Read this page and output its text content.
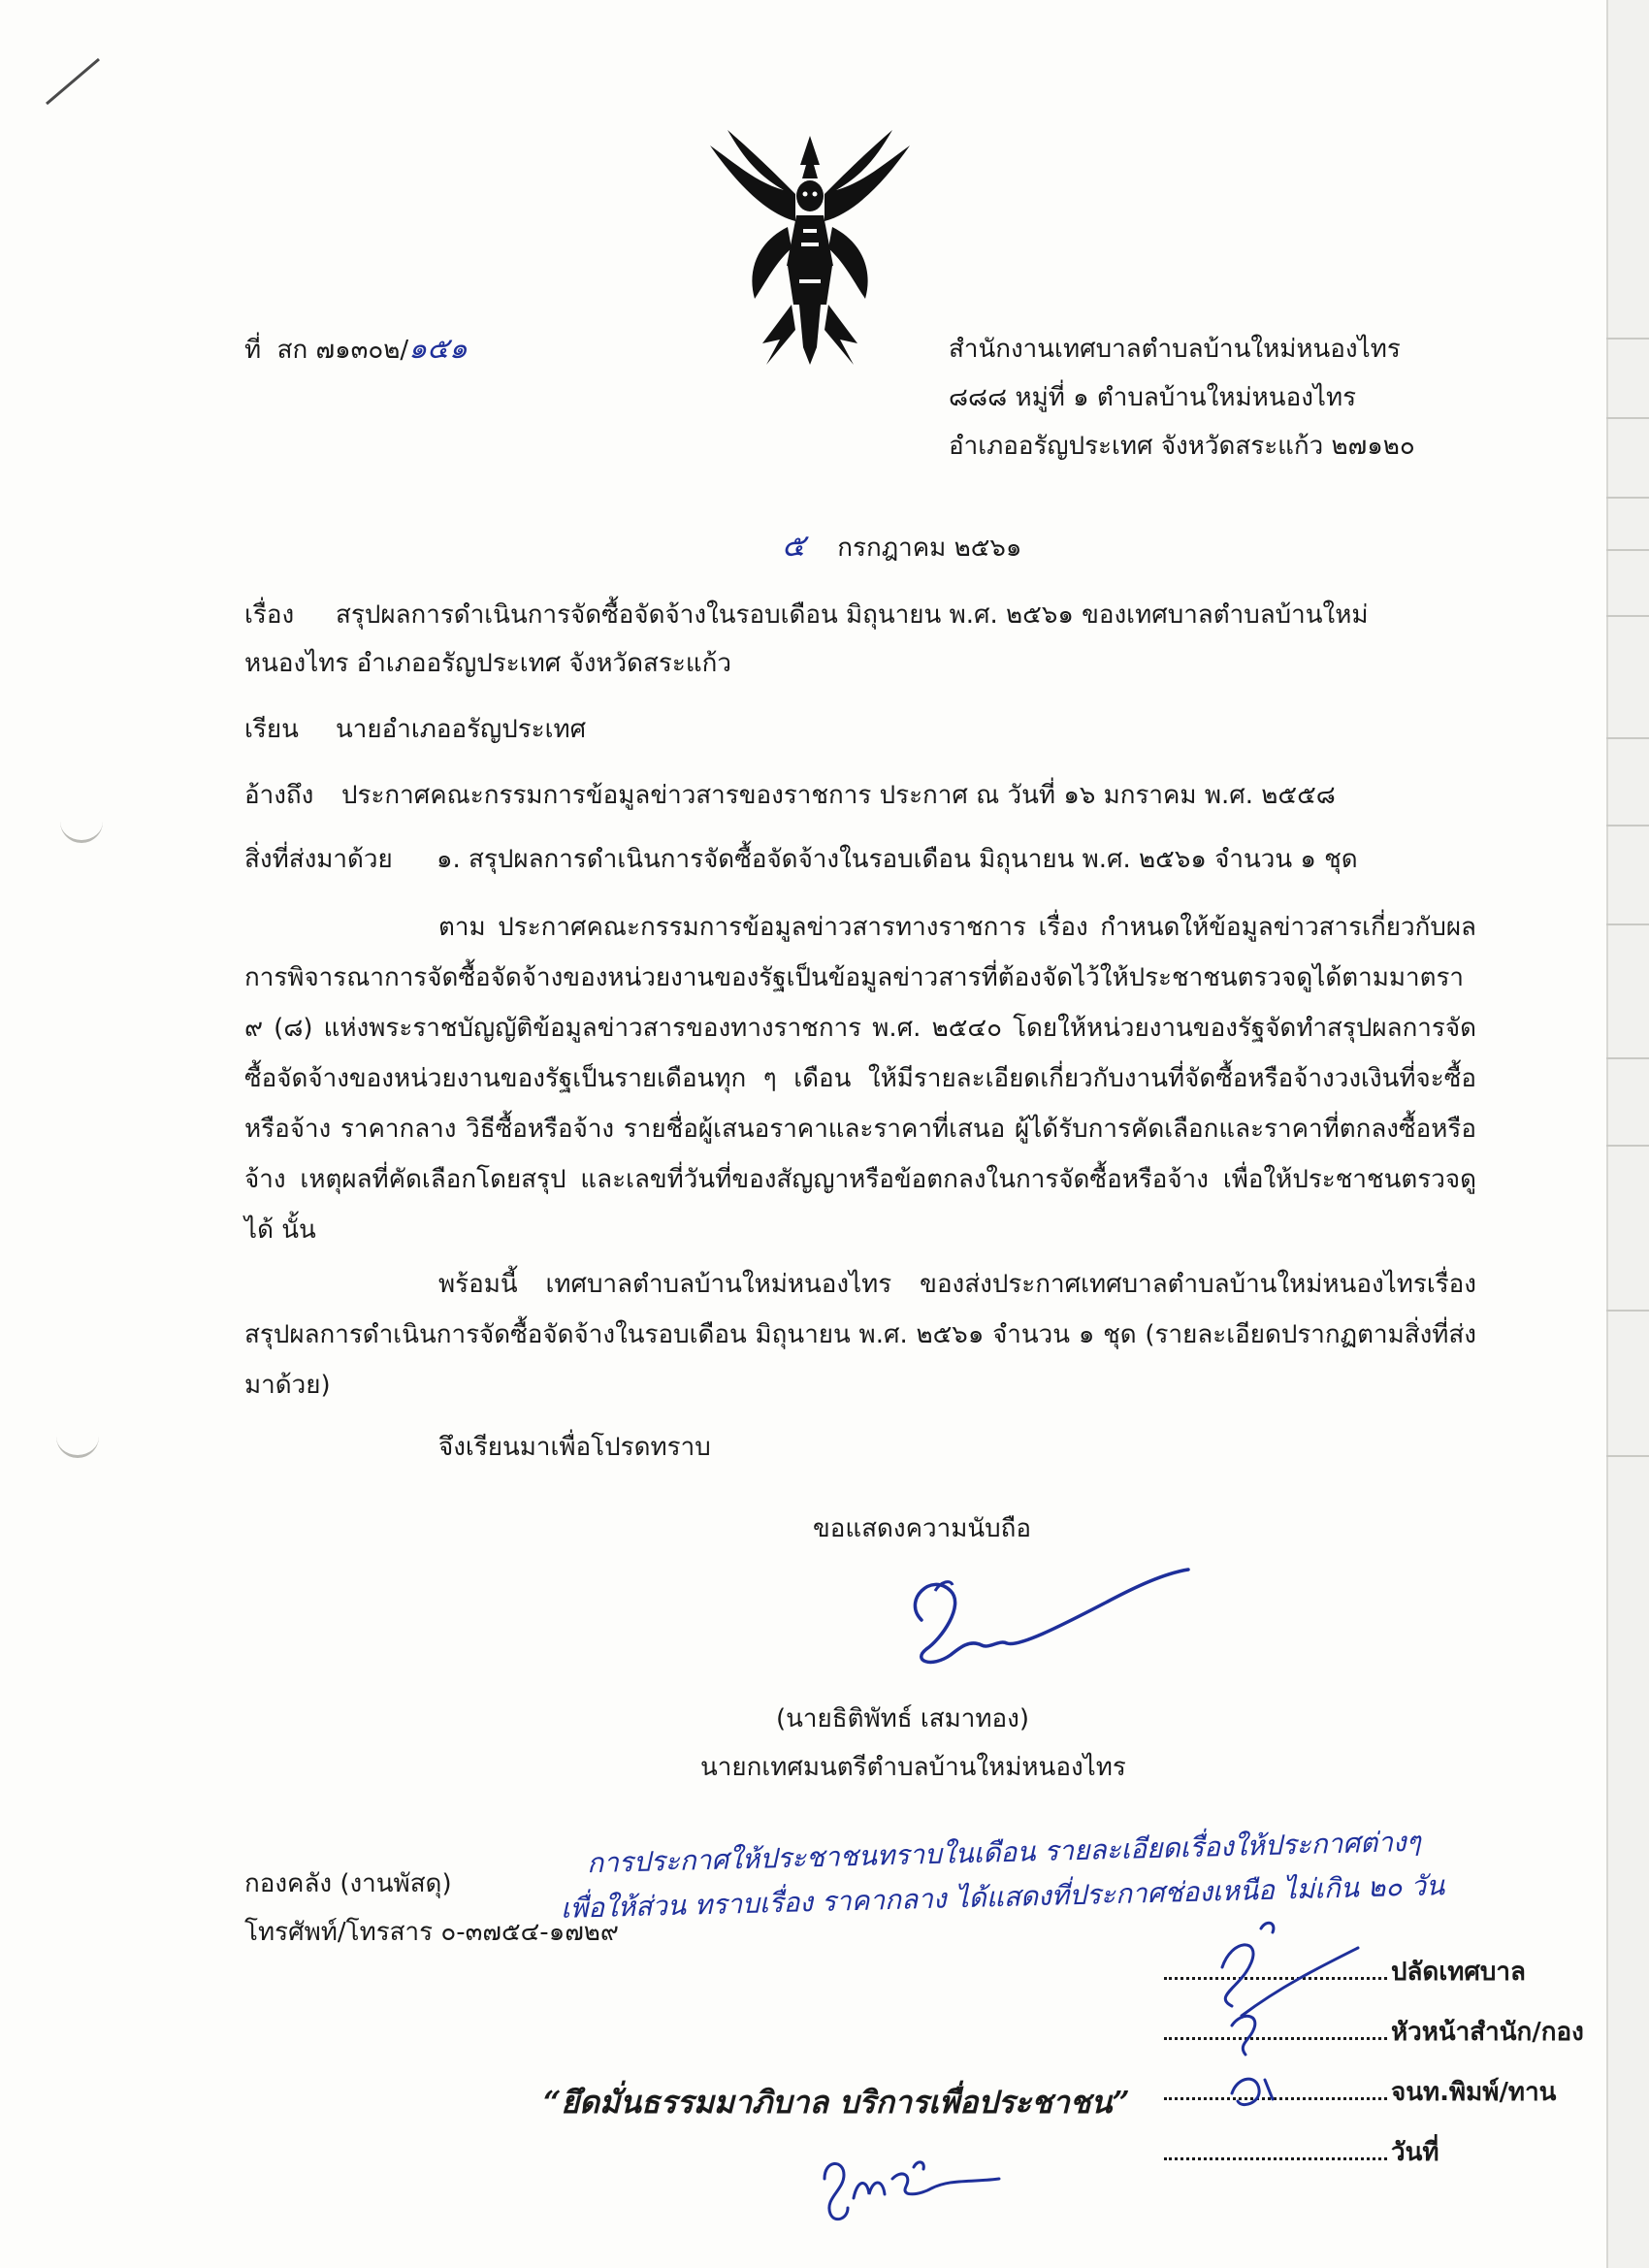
ที่ สก ๗๑๓๐๒/๑๕๑	สำนักงานเทศบาลตำบลบ้านใหม่หนองไทร
๘๘๘ หมู่ที่ ๑ ตำบลบ้านใหม่หนองไทร
อำเภออรัญประเทศ จังหวัดสระแก้ว ๒๗๑๒๐
๕ กรกฎาคม ๒๕๖๑
เรื่อง สรุปผลการดำเนินการจัดซื้อจัดจ้างในรอบเดือน มิถุนายน พ.ศ. ๒๕๖๑ ของเทศบาลตำบลบ้านใหม่
หนองไทร อำเภออรัญประเทศ จังหวัดสระแก้ว
เรียน นายอำเภออรัญประเทศ
อ้างถึง ประกาศคณะกรรมการข้อมูลข่าวสารของราชการ ประกาศ ณ วันที่ ๑๖ มกราคม พ.ศ. ๒๕๕๘
สิ่งที่ส่งมาด้วย ๑. สรุปผลการดำเนินการจัดซื้อจัดจ้างในรอบเดือน มิถุนายน พ.ศ. ๒๕๖๑ จำนวน ๑ ชุด
ตาม ประกาศคณะกรรมการข้อมูลข่าวสารทางราชการ เรื่อง กำหนดให้ข้อมูลข่าวสารเกี่ยวกับผลการพิจารณาการจัดซื้อจัดจ้างของหน่วยงานของรัฐเป็นข้อมูลข่าวสารที่ต้องจัดไว้ให้ประชาชนตรวจดูได้ตามมาตรา ๙ (๘) แห่งพระราชบัญญัติข้อมูลข่าวสารของทางราชการ พ.ศ. ๒๕๔๐ โดยให้หน่วยงานของรัฐจัดทำสรุปผลการจัดซื้อจัดจ้างของหน่วยงานของรัฐเป็นรายเดือนทุก ๆ เดือน ให้มีรายละเอียดเกี่ยวกับงานที่จัดซื้อหรือจ้างวงเงินที่จะซื้อหรือจ้าง ราคากลาง วิธีซื้อหรือจ้าง รายชื่อผู้เสนอราคาและราคาที่เสนอ ผู้ได้รับการคัดเลือกและราคาที่ตกลงซื้อหรือจ้าง เหตุผลที่คัดเลือกโดยสรุป และเลขที่วันที่ของสัญญาหรือข้อตกลงในการจัดซื้อหรือจ้าง เพื่อให้ประชาชนตรวจดูได้ นั้น
พร้อมนี้ เทศบาลตำบลบ้านใหม่หนองไทร ของส่งประกาศเทศบาลตำบลบ้านใหม่หนองไทรเรื่อง สรุปผลการดำเนินการจัดซื้อจัดจ้างในรอบเดือน มิถุนายน พ.ศ. ๒๕๖๑ จำนวน ๑ ชุด (รายละเอียดปรากฏตามสิ่งที่ส่งมาด้วย)
จึงเรียนมาเพื่อโปรดทราบ
ขอแสดงความนับถือ
(นายธิติพัทธ์ เสมาทอง)
นายกเทศมนตรีตำบลบ้านใหม่หนองไทร
การประกาศให้ประชาชนทราบในเดือน รายละเอียดเรื่องให้ประกาศต่างๆ
เพื่อให้ส่วน ทราบเรื่อง ราคากลาง ได้แสดงที่ประกาศช่องเหนือ ไม่เกิน ๒๐ วัน
กองคลัง (งานพัสดุ)
โทรศัพท์/โทรสาร ๐-๓๗๕๔-๑๗๒๙
ปลัดเทศบาล
หัวหน้าสำนัก/กอง
จนท.พิมพ์/ทาน
วันที่
“ยึดมั่นธรรมมาภิบาล บริการเพื่อประชาชน”
